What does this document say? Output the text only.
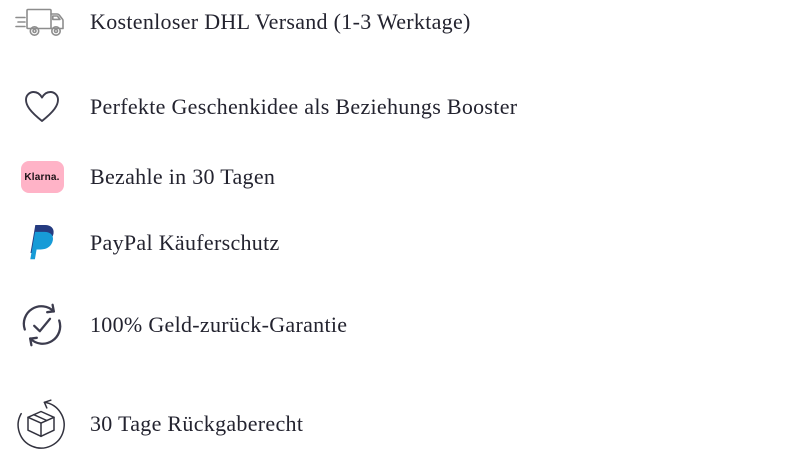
Kostenloser DHL Versand (1-3 Werktage)
Perfekte Geschenkidee als Beziehungs Booster
Klarna. Bezahle in 30 Tagen
PayPal Käuferschutz
100% Geld-zurück-Garantie
30 Tage Rückgaberecht
